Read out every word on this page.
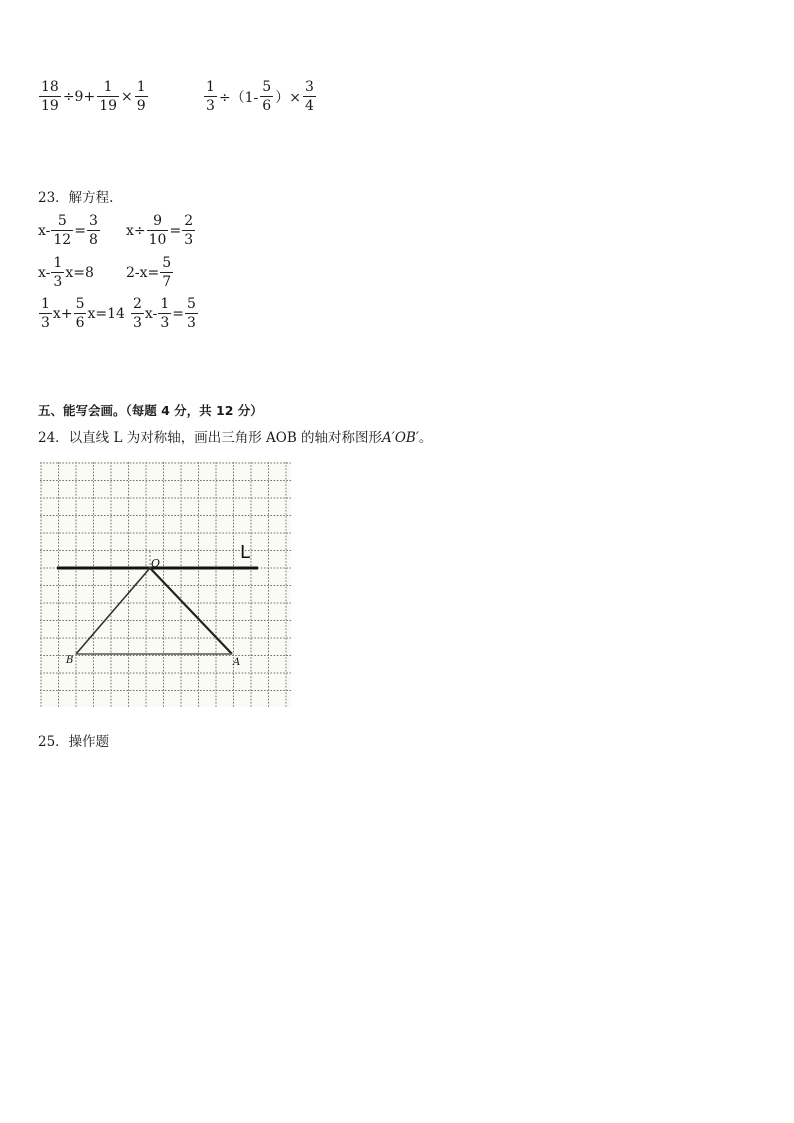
$\frac{18}{19} \div 9+ \frac{1}{19} \times \frac{1}{9}$	$\frac{1}{3} \div(1- \frac{5}{6}$ ）× $\frac{3}{4}$
23．解方程.
$x- \frac{5}{12} = \frac{3}{8} x\div \frac{9}{10} = \frac{2}{3}$
$x- \frac{1}{3} x=8$ $2-x= \frac{5}{7}$
$\frac{1}{3} x+ \frac{5}{6} x=14 \frac{2}{3} x- \frac{1}{3} = \frac{5}{3}$
五、能写会画。（每题 4 分，共 12 分）
24．以直线 L 为对称轴，画出三角形 AOB 的轴对称图形A′OB′。
L
O
A
B
25．操作题
